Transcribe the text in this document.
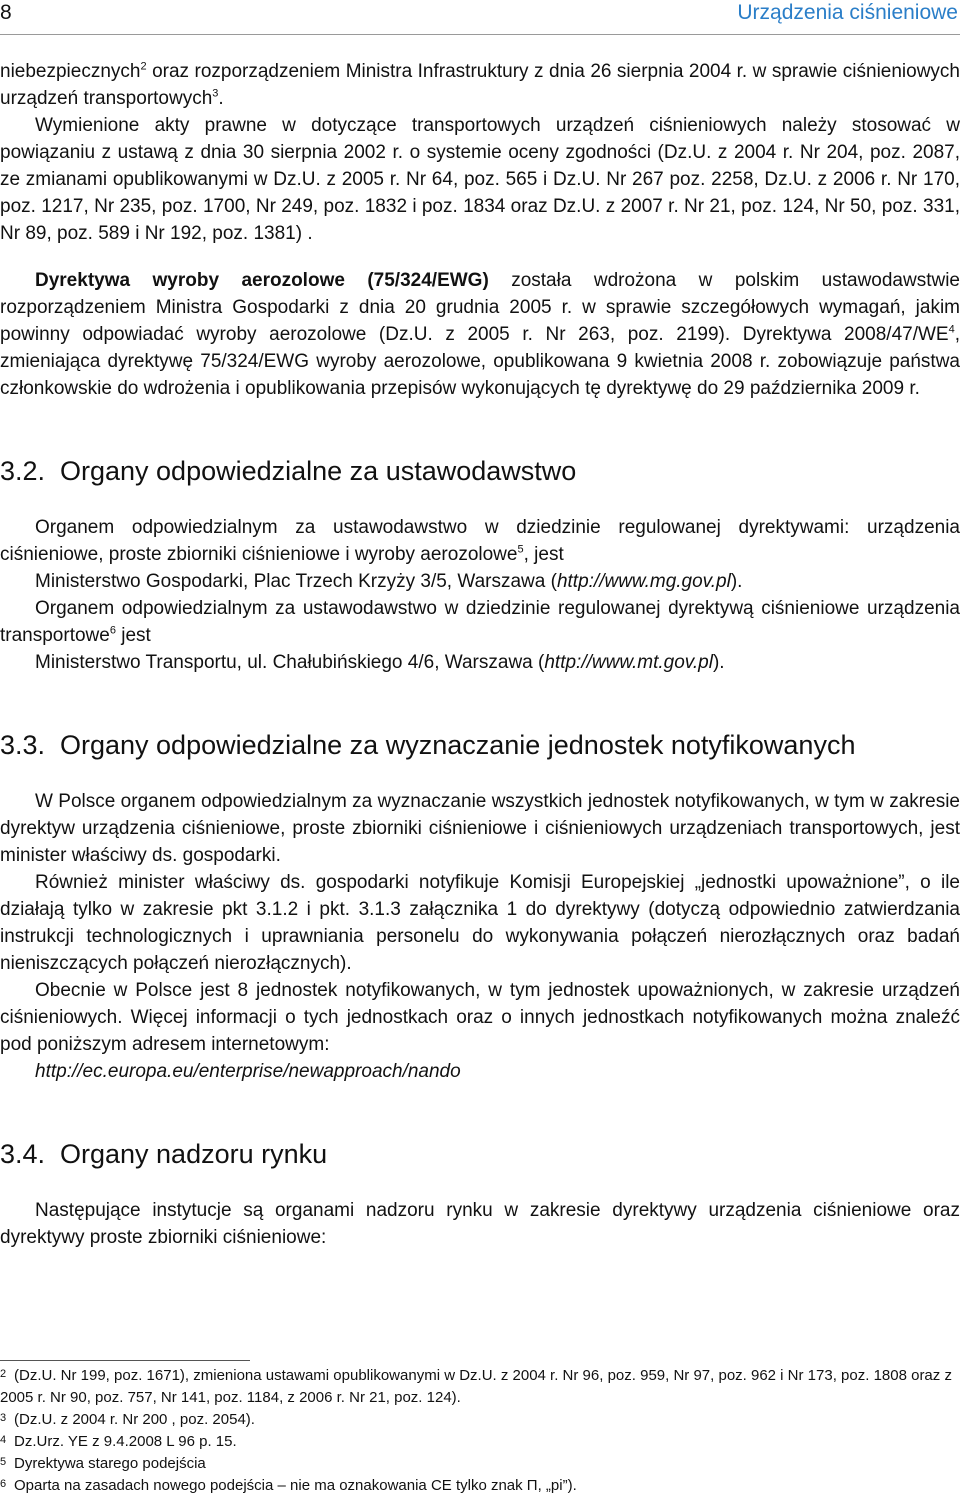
8	Urządzenia ciśnieniowe

niebezpiecznych$^2$ oraz rozporządzeniem Ministra Infrastruktury z dnia 26 sierpnia 2004 r. w sprawie ciśnieniowych urządzeń transportowych$^3$.

Wymienione akty prawne w dotyczące transportowych urządzeń ciśnieniowych należy stosować w powiązaniu z ustawą z dnia 30 sierpnia 2002 r. o systemie oceny zgodności (Dz.U. z 2004 r. Nr 204, poz. 2087, ze zmianami opublikowanymi w Dz.U. z 2005 r. Nr 64, poz. 565 i Dz.U. Nr 267 poz. 2258, Dz.U. z 2006 r. Nr 170, poz. 1217, Nr 235, poz. 1700, Nr 249, poz. 1832 i poz. 1834 oraz Dz.U. z 2007 r. Nr 21, poz. 124, Nr 50, poz. 331, Nr 89, poz. 589 i Nr 192, poz. 1381) .

Dyrektywa wyroby aerozolowe (75/324/EWG) została wdrożona w polskim ustawodawstwie rozporządzeniem Ministra Gospodarki z dnia 20 grudnia 2005 r. w sprawie szczegółowych wymagań, jakim powinny odpowiadać wyroby aerozolowe (Dz.U. z 2005 r. Nr 263, poz. 2199). Dyrektywa $2008/47/WE^4$, zmieniająca dyrektywę 75/324/EWG wyroby aerozolowe, opublikowana 9 kwietnia 2008 r. zobowiązuje państwa członkowskie do wdrożenia i opublikowania przepisów wykonujących tę dyrektywę do 29 października 2009 r.

3.2. Organy odpowiedzialne za ustawodawstwo

Organem odpowiedzialnym za ustawodawstwo w dziedzinie regulowanej dyrektywami: urządzenia ciśnieniowe, proste zbiorniki ciśnieniowe i wyroby aerozolowe$^5$, jest

Ministerstwo Gospodarki, Plac Trzech Krzyży 3/5, Warszawa (http://www.mg.gov.pl).

Organem odpowiedzialnym za ustawodawstwo w dziedzinie regulowanej dyrektywą ciśnieniowe urządzenia transportowe$^6$ jest

Ministerstwo Transportu, ul. Chałubińskiego 4/6, Warszawa (http://www.mt.gov.pl).

3.3. Organy odpowiedzialne za wyznaczanie jednostek notyfikowanych

W Polsce organem odpowiedzialnym za wyznaczanie wszystkich jednostek notyfikowanych, w tym w zakresie dyrektyw urządzenia ciśnieniowe, proste zbiorniki ciśnieniowe i ciśnieniowych urządzeniach transportowych, jest minister właściwy ds. gospodarki.

Również minister właściwy ds. gospodarki notyfikuje Komisji Europejskiej „jednostki upoważnione”, o ile działają tylko w zakresie pkt 3.1.2 i pkt. 3.1.3 załącznika 1 do dyrektywy (dotyczą odpowiednio zatwierdzania instrukcji technologicznych i uprawniania personelu do wykonywania połączeń nierozłącznych oraz badań nieniszczących połączeń nierozłącznych).

Obecnie w Polsce jest 8 jednostek notyfikowanych, w tym jednostek upoważnionych, w zakresie urządzeń ciśnieniowych. Więcej informacji o tych jednostkach oraz o innych jednostkach notyfikowanych można znaleźć pod poniższym adresem internetowym:

http://ec.europa.eu/enterprise/newapproach/nando

3.4. Organy nadzoru rynku

Następujące instytucje są organami nadzoru rynku w zakresie dyrektywy urządzenia ciśnieniowe oraz dyrektywy proste zbiorniki ciśnieniowe:

2 (Dz.U. Nr 199, poz. 1671), zmieniona ustawami opublikowanymi w Dz.U. z 2004 r. Nr 96, poz. 959, Nr 97, poz. 962 i Nr 173, poz. 1808 oraz z 2005 r. Nr 90, poz. 757, Nr 141, poz. 1184, z 2006 r. Nr 21, poz. 124).

3 (Dz.U. z 2004 r. Nr 200 , poz. 2054).

4 Dz.Urz. YE z 9.4.2008 L 96 p. 15.

5 Dyrektywa starego podejścia

6 Oparta na zasadach nowego podejścia – nie ma oznakowania CE tylko znak П, „pi”).
